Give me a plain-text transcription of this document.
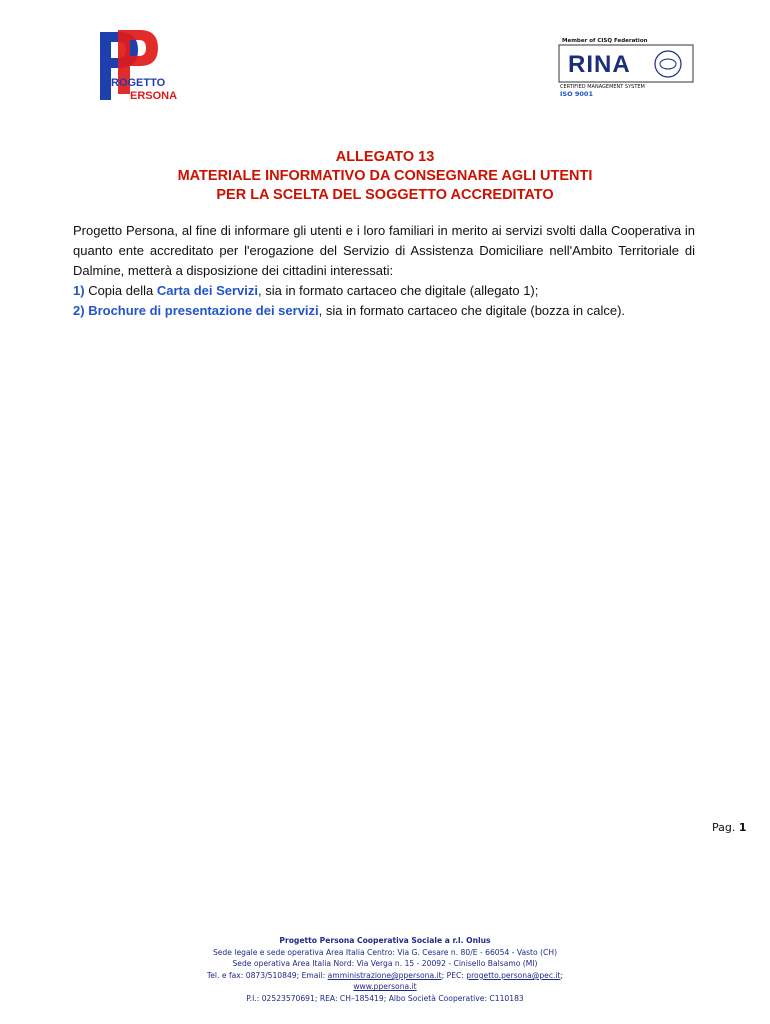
ROGETTO
ERSONA
Member of CISQ Federation
RINA
CERTIFIED MANAGEMENT SYSTEM
ISO 9001
ALLEGATO 13
MATERIALE INFORMATIVO DA CONSEGNARE AGLI UTENTI
PER LA SCELTA DEL SOGGETTO ACCREDITATO
Progetto Persona, al fine di informare gli utenti e i loro familiari in merito ai servizi svolti dalla Cooperativa in quanto ente accreditato per l'erogazione del Servizio di Assistenza Domiciliare nell'Ambito Territoriale di Dalmine, metterà a disposizione dei cittadini interessati:
1) Copia della Carta dei Servizi, sia in formato cartaceo che digitale (allegato 1);
2) Brochure di presentazione dei servizi, sia in formato cartaceo che digitale (bozza in calce).
Pag. 1
Progetto Persona Cooperativa Sociale a r.l. Onlus
Sede legale e sede operativa Area Italia Centro: Via G. Cesare n. 80/E - 66054 - Vasto (CH)
Sede operativa Area Italia Nord: Via Verga n. 15 - 20092 - Cinisello Balsamo (MI)
Tel. e fax: 0873/510849; Email: amministrazione@ppersona.it; PEC: progetto.persona@pec.it;
www.ppersona.it
P.I.: 02523570691; REA: CH–185419; Albo Società Cooperative: C110183
